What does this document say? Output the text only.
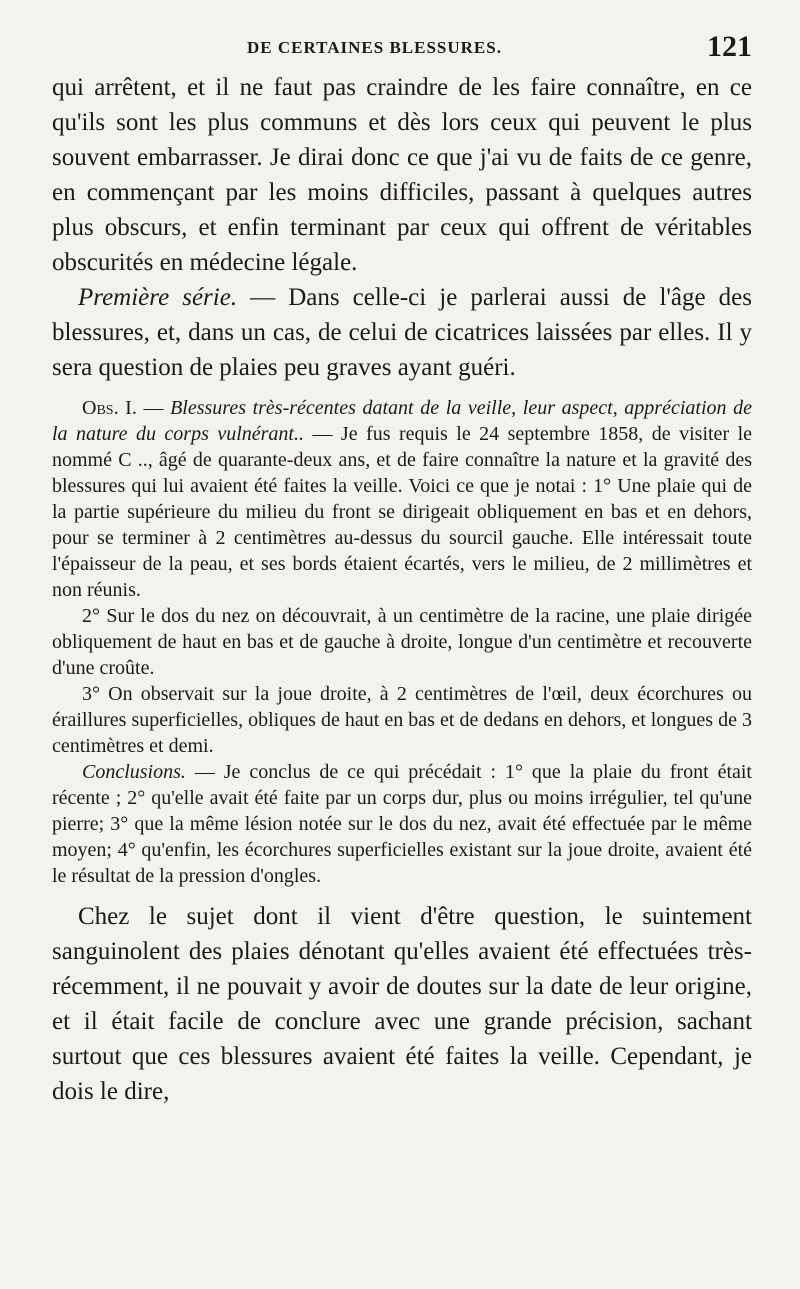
DE CERTAINES BLESSURES.	121

qui arrêtent, et il ne faut pas craindre de les faire connaître, en ce qu'ils sont les plus communs et dès lors ceux qui peuvent le plus souvent embarrasser. Je dirai donc ce que j'ai vu de faits de ce genre, en commençant par les moins difficiles, passant à quelques autres plus obscurs, et enfin terminant par ceux qui offrent de véritables obscurités en médecine légale.

Première série. — Dans celle-ci je parlerai aussi de l'âge des blessures, et, dans un cas, de celui de cicatrices laissées par elles. Il y sera question de plaies peu graves ayant guéri.

Obs. I. — Blessures très-récentes datant de la veille, leur aspect, appréciation de la nature du corps vulnérant.. — Je fus requis le 24 septembre 1858, de visiter le nommé C .., âgé de quarante-deux ans, et de faire connaître la nature et la gravité des blessures qui lui avaient été faites la veille. Voici ce que je notai : 1° Une plaie qui de la partie supérieure du milieu du front se dirigeait obliquement en bas et en dehors, pour se terminer à 2 centimètres au-dessus du sourcil gauche. Elle intéressait toute l'épaisseur de la peau, et ses bords étaient écartés, vers le milieu, de 2 millimètres et non réunis.

2° Sur le dos du nez on découvrait, à un centimètre de la racine, une plaie dirigée obliquement de haut en bas et de gauche à droite, longue d'un centimètre et recouverte d'une croûte.

3° On observait sur la joue droite, à 2 centimètres de l'œil, deux écorchures ou éraillures superficielles, obliques de haut en bas et de dedans en dehors, et longues de 3 centimètres et demi.

Conclusions. — Je conclus de ce qui précédait : 1° que la plaie du front était récente ; 2° qu'elle avait été faite par un corps dur, plus ou moins irrégulier, tel qu'une pierre; 3° que la même lésion notée sur le dos du nez, avait été effectuée par le même moyen; 4° qu'enfin, les écorchures superficielles existant sur la joue droite, avaient été le résultat de la pression d'ongles.

Chez le sujet dont il vient d'être question, le suintement sanguinolent des plaies dénotant qu'elles avaient été effectuées très-récemment, il ne pouvait y avoir de doutes sur la date de leur origine, et il était facile de conclure avec une grande précision, sachant surtout que ces blessures avaient été faites la veille. Cependant, je dois le dire,
